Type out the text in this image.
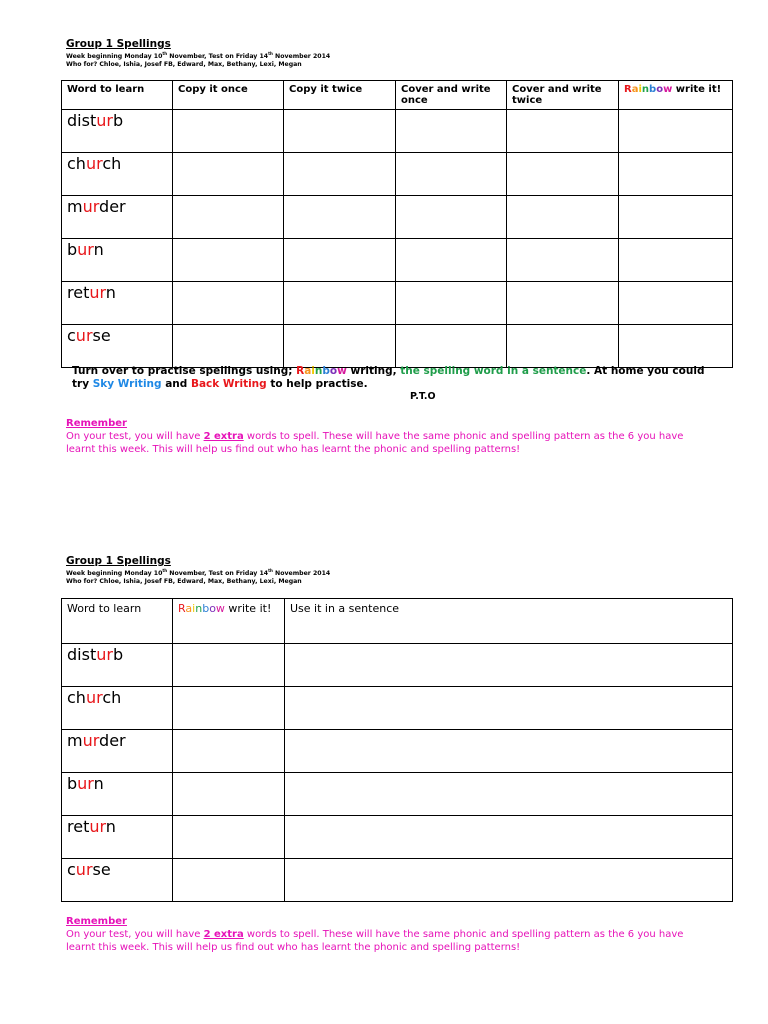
Group 1 Spellings
Week beginning Monday 10th November, Test on Friday 14th November 2014
Who for? Chloe, Ishia, Josef FB, Edward, Max, Bethany, Lexi, Megan
Word to learn	Copy it once	Copy it twice	Cover and write once	Cover and write twice	Rainbow write it!
disturb					
church					
murder					
burn					
return					
curse					
Turn over to practise spellings using; Rainbow writing, the spelling word in a sentence. At home you could try Sky Writing and Back Writing to help practise.
P.T.O
Remember
On your test, you will have 2 extra words to spell. These will have the same phonic and spelling pattern as the 6 you have learnt this week. This will help us find out who has learnt the phonic and spelling patterns!
Group 1 Spellings
Week beginning Monday 10th November, Test on Friday 14th November 2014
Who for? Chloe, Ishia, Josef FB, Edward, Max, Bethany, Lexi, Megan
Word to learn	Rainbow write it!	Use it in a sentence
disturb		
church		
murder		
burn		
return		
curse		
Remember
On your test, you will have 2 extra words to spell. These will have the same phonic and spelling pattern as the 6 you have learnt this week. This will help us find out who has learnt the phonic and spelling patterns!
